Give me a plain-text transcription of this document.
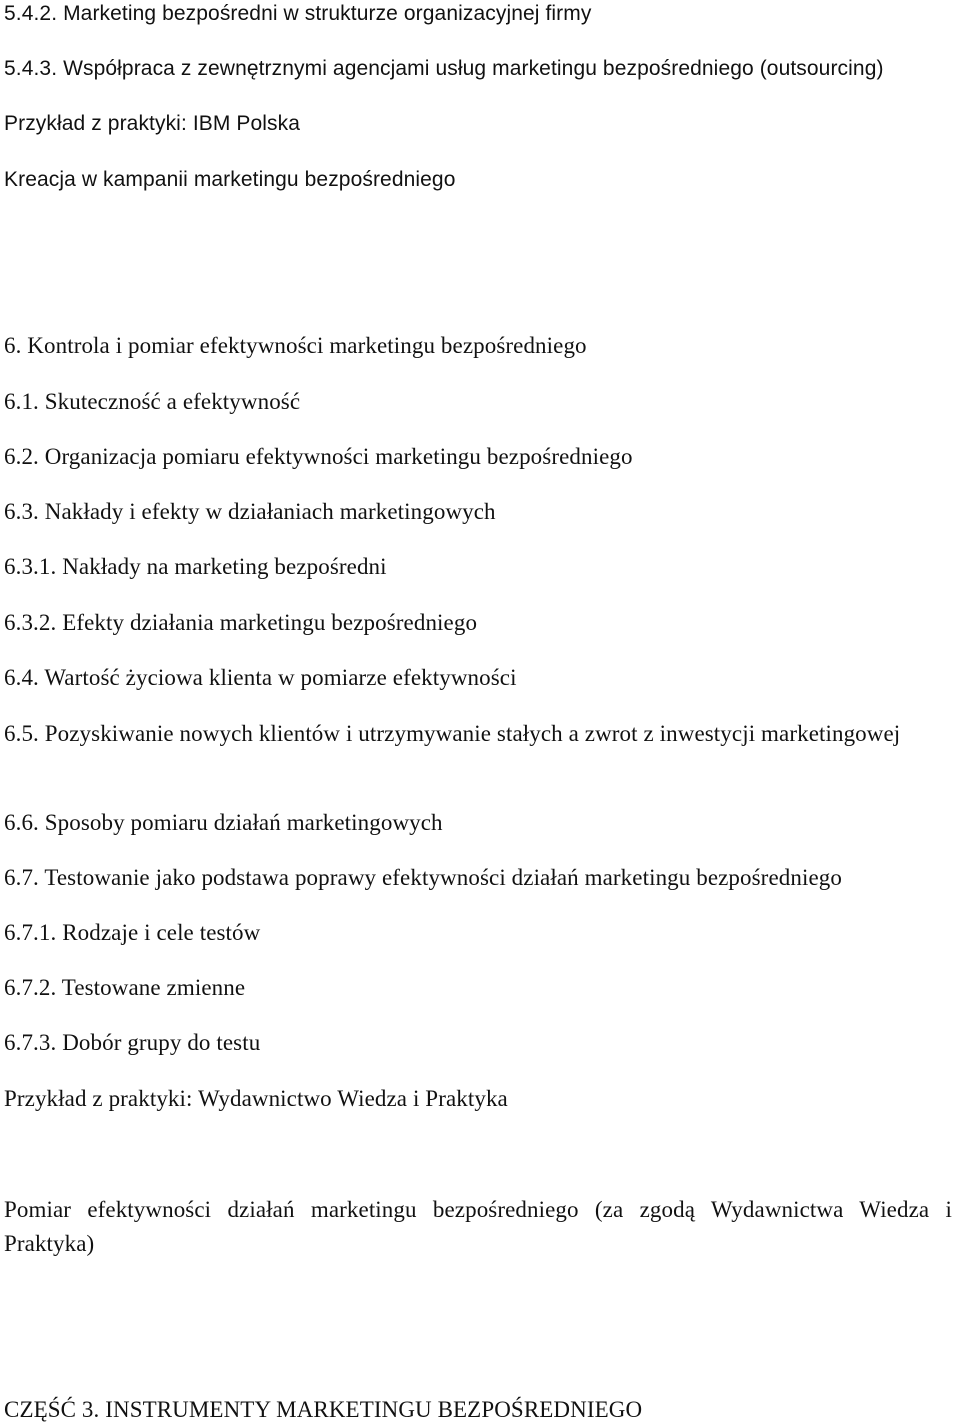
5.4.2. Marketing bezpośredni w strukturze organizacyjnej firmy
5.4.3. Współpraca z zewnętrznymi agencjami usług marketingu bezpośredniego (outsourcing)
Przykład z praktyki: IBM Polska
Kreacja w kampanii marketingu bezpośredniego
6. Kontrola i pomiar efektywności marketingu bezpośredniego
6.1. Skuteczność a efektywność
6.2. Organizacja pomiaru efektywności marketingu bezpośredniego
6.3. Nakłady i efekty w działaniach marketingowych
6.3.1. Nakłady na marketing bezpośredni
6.3.2. Efekty działania marketingu bezpośredniego
6.4. Wartość życiowa klienta w pomiarze efektywności
6.5. Pozyskiwanie nowych klientów i utrzymywanie stałych a zwrot z inwestycji marketingowej
6.6. Sposoby pomiaru działań marketingowych
6.7. Testowanie jako podstawa poprawy efektywności działań marketingu bezpośredniego
6.7.1. Rodzaje i cele testów
6.7.2. Testowane zmienne
6.7.3. Dobór grupy do testu
Przykład z praktyki: Wydawnictwo Wiedza i Praktyka
Pomiar efektywności działań marketingu bezpośredniego (za zgodą Wydawnictwa Wiedza i Praktyka)
CZĘŚĆ 3. INSTRUMENTY MARKETINGU BEZPOŚREDNIEGO
